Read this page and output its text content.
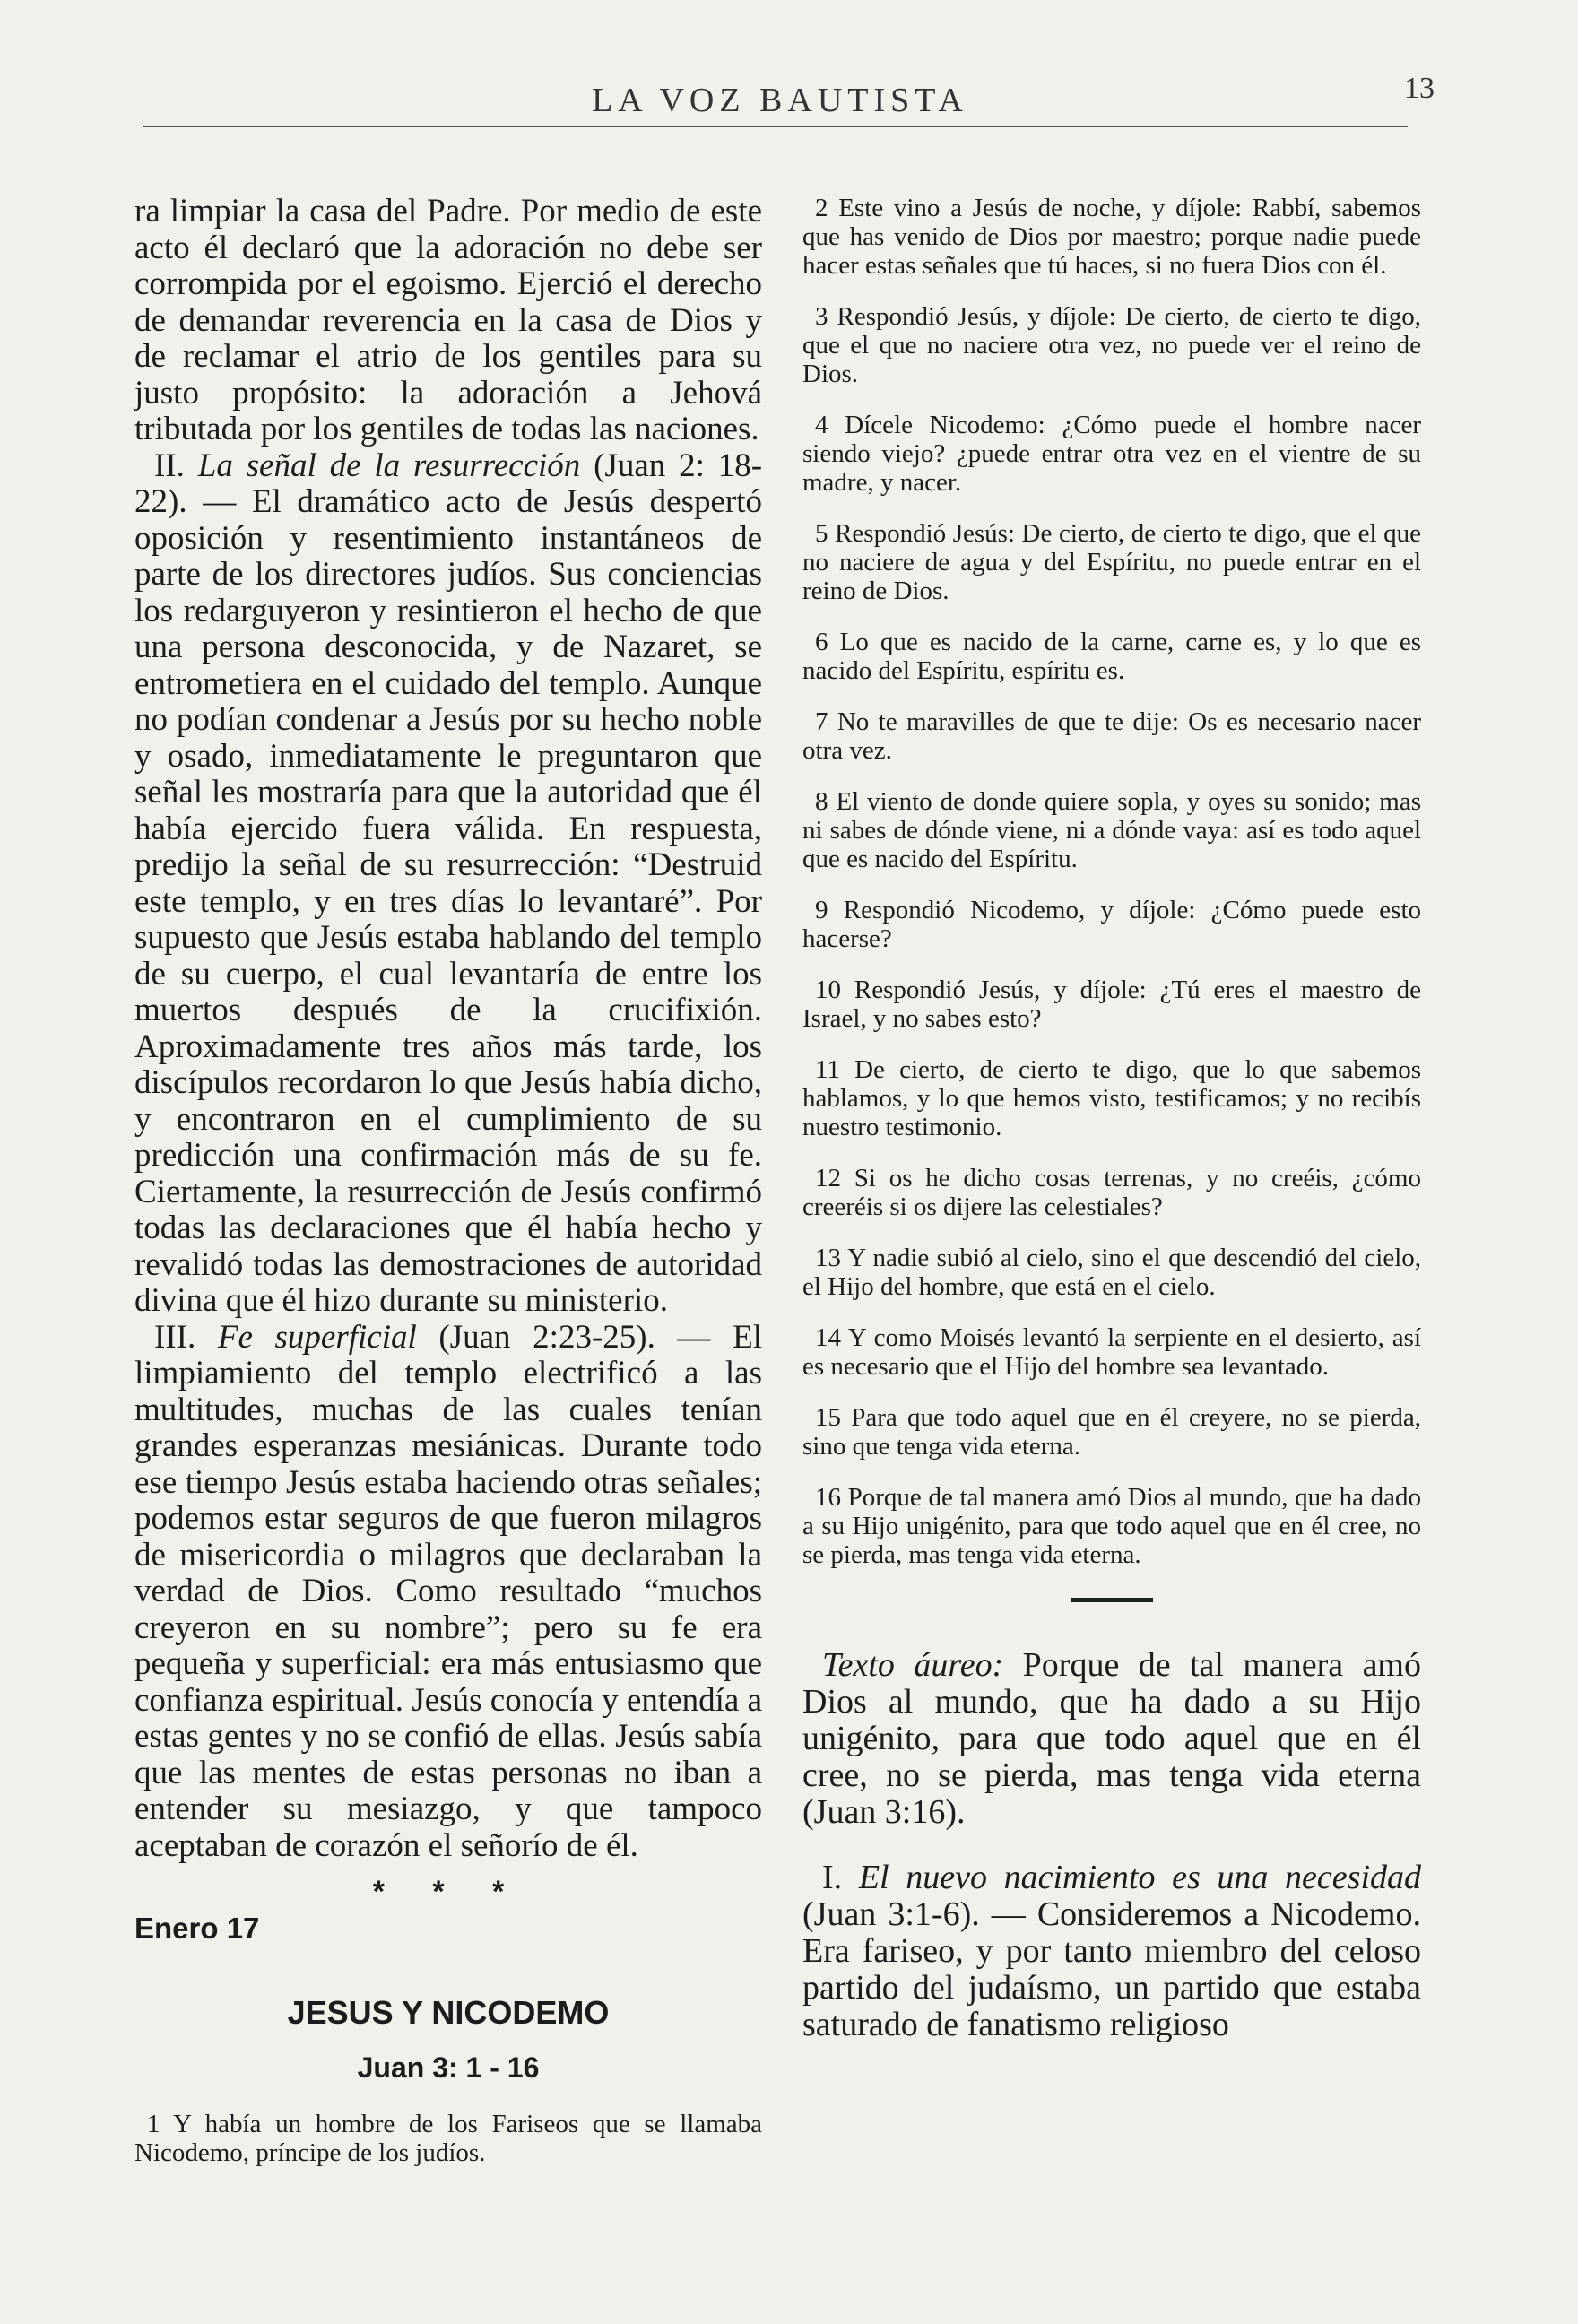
LA VOZ BAUTISTA	13

ra limpiar la casa del Padre. Por medio de este acto él declaró que la adoración no debe ser corrompida por el egoismo. Ejerció el derecho de demandar reverencia en la casa de Dios y de reclamar el atrio de los gentiles para su justo propósito: la adoración a Jehová tributada por los gentiles de todas las naciones.

II. La señal de la resurrección (Juan 2: 18-22). — El dramático acto de Jesús despertó oposición y resentimiento instantáneos de parte de los directores judíos. Sus conciencias los redarguyeron y resintieron el hecho de que una persona desconocida, y de Nazaret, se entrometiera en el cuidado del templo. Aunque no podían condenar a Jesús por su hecho noble y osado, inmediatamente le preguntaron que señal les mostraría para que la autoridad que él había ejercido fuera válida. En respuesta, predijo la señal de su resurrección: “Destruid este templo, y en tres días lo levantaré”. Por supuesto que Jesús estaba hablando del templo de su cuerpo, el cual levantaría de entre los muertos después de la crucifixión. Aproximadamente tres años más tarde, los discípulos recordaron lo que Jesús había dicho, y encontraron en el cumplimiento de su predicción una confirmación más de su fe. Ciertamente, la resurrección de Jesús confirmó todas las declaraciones que él había hecho y revalidó todas las demostraciones de autoridad divina que él hizo durante su ministerio.

III. Fe superficial (Juan 2:23-25). — El limpiamiento del templo electrificó a las multitudes, muchas de las cuales tenían grandes esperanzas mesiánicas. Durante todo ese tiempo Jesús estaba haciendo otras señales; podemos estar seguros de que fueron milagros de misericordia o milagros que declaraban la verdad de Dios. Como resultado “muchos creyeron en su nombre”; pero su fe era pequeña y superficial: era más entusiasmo que confianza espiritual. Jesús conocía y entendía a estas gentes y no se confió de ellas. Jesús sabía que las mentes de estas personas no iban a entender su mesiazgo, y que tampoco aceptaban de corazón el señorío de él.

* * *
Enero 17
JESUS Y NICODEMO
Juan 3: 1 - 16

1 Y había un hombre de los Fariseos que se llamaba Nicodemo, príncipe de los judíos.

2 Este vino a Jesús de noche, y díjole: Rabbí, sabemos que has venido de Dios por maestro; porque nadie puede hacer estas señales que tú haces, si no fuera Dios con él.

3 Respondió Jesús, y díjole: De cierto, de cierto te digo, que el que no naciere otra vez, no puede ver el reino de Dios.

4 Dícele Nicodemo: ¿Cómo puede el hombre nacer siendo viejo? ¿puede entrar otra vez en el vientre de su madre, y nacer.

5 Respondió Jesús: De cierto, de cierto te digo, que el que no naciere de agua y del Espíritu, no puede entrar en el reino de Dios.

6 Lo que es nacido de la carne, carne es, y lo que es nacido del Espíritu, espíritu es.

7 No te maravilles de que te dije: Os es necesario nacer otra vez.

8 El viento de donde quiere sopla, y oyes su sonido; mas ni sabes de dónde viene, ni a dónde vaya: así es todo aquel que es nacido del Espíritu.

9 Respondió Nicodemo, y díjole: ¿Cómo puede esto hacerse?

10 Respondió Jesús, y díjole: ¿Tú eres el maestro de Israel, y no sabes esto?

11 De cierto, de cierto te digo, que lo que sabemos hablamos, y lo que hemos visto, testificamos; y no recibís nuestro testimonio.

12 Si os he dicho cosas terrenas, y no creéis, ¿cómo creeréis si os dijere las celestiales?

13 Y nadie subió al cielo, sino el que descendió del cielo, el Hijo del hombre, que está en el cielo.

14 Y como Moisés levantó la serpiente en el desierto, así es necesario que el Hijo del hombre sea levantado.

15 Para que todo aquel que en él creyere, no se pierda, sino que tenga vida eterna.

16 Porque de tal manera amó Dios al mundo, que ha dado a su Hijo unigénito, para que todo aquel que en él cree, no se pierda, mas tenga vida eterna.

Texto áureo: Porque de tal manera amó Dios al mundo, que ha dado a su Hijo unigénito, para que todo aquel que en él cree, no se pierda, mas tenga vida eterna (Juan 3:16).

I. El nuevo nacimiento es una necesidad (Juan 3:1-6). — Consideremos a Nicodemo. Era fariseo, y por tanto miembro del celoso partido del judaísmo, un partido que estaba saturado de fanatismo religioso
